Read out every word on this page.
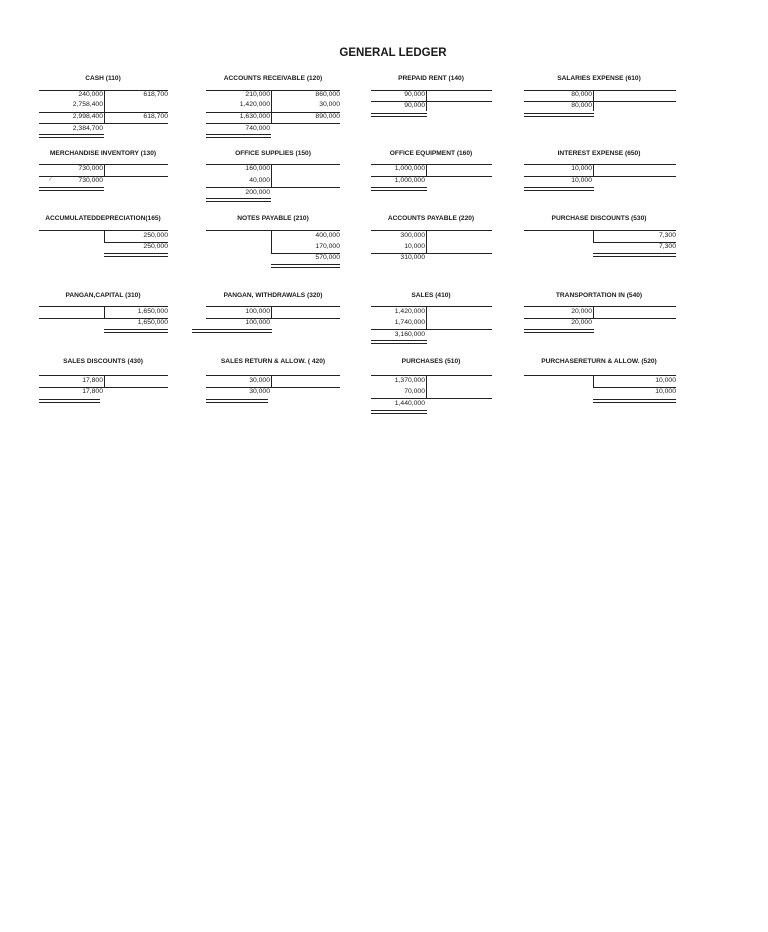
GENERAL LEDGER
CASH (110)
240,000
2,758,400
2,998,400
618,700
618,700
2,384,700
ACCOUNTS RECEIVABLE (120)
210,000
1,420,000
1,630,000
860,000
30,000
890,000
740,000
PREPAID RENT (140)
90,000
90,000
SALARIES EXPENSE (610)
80,000
80,000
MERCHANDISE INVENTORY (130)
730,000
✓	730,000
OFFICE SUPPLIES (150)
160,000
40,000
200,000
OFFICE EQUIPMENT (160)
1,000,000
1,000,000
INTEREST EXPENSE (650)
10,000
10,000
ACCUMULATEDDEPRECIATION(165)
250,000
250,000
NOTES PAYABLE (210)
400,000
170,000
570,000
ACCOUNTS PAYABLE (220)
300,000
10,000
310,000
PURCHASE DISCOUNTS (530)
7,300
7,300
PANGAN,CAPITAL (310)
1,650,000
1,650,000
PANGAN, WITHDRAWALS (320)
100,000
100,000
SALES (410)
1,420,000
1,740,000
3,160,000
TRANSPORTATION IN (540)
20,000
20,000
SALES DISCOUNTS (430)
17,800
17,800
SALES RETURN & ALLOW. ( 420)
30,000
30,000
PURCHASES (510)
1,370,000
70,000
1,440,000
PURCHASERETURN & ALLOW. (520)
10,000
10,000
